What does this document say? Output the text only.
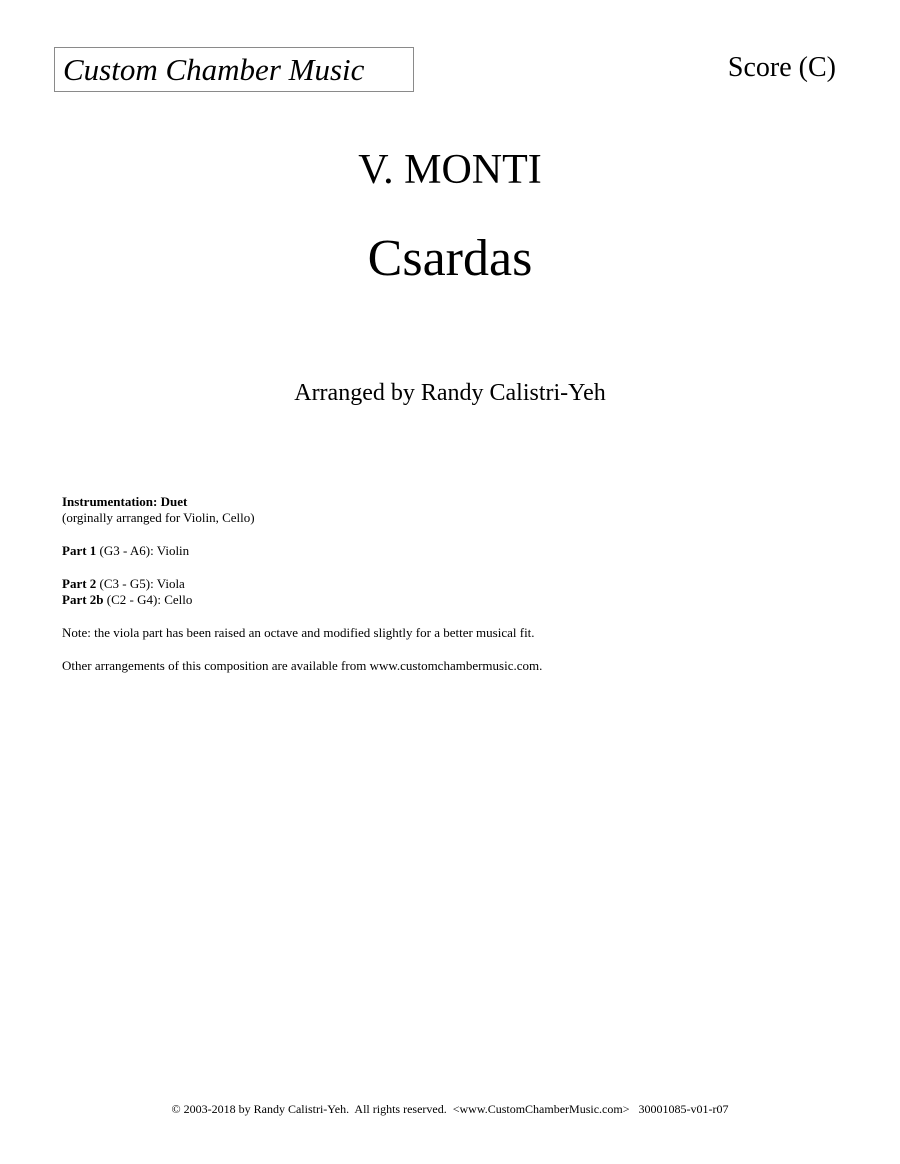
Custom Chamber Music	Score (C)
V. MONTI
Csardas
Arranged by Randy Calistri-Yeh

Instrumentation: Duet

(orginally arranged for Violin, Cello)

Part 1 (G3 - A6): Violin

Part 2 (C3 - G5): Viola

Part 2b (C2 - G4): Cello

Note: the viola part has been raised an octave and modified slightly for a better musical fit.

Other arrangements of this composition are available from www.customchambermusic.com.

© 2003-2018 by Randy Calistri-Yeh.  All rights reserved.  <www.CustomChamberMusic.com>   30001085-v01-r07
